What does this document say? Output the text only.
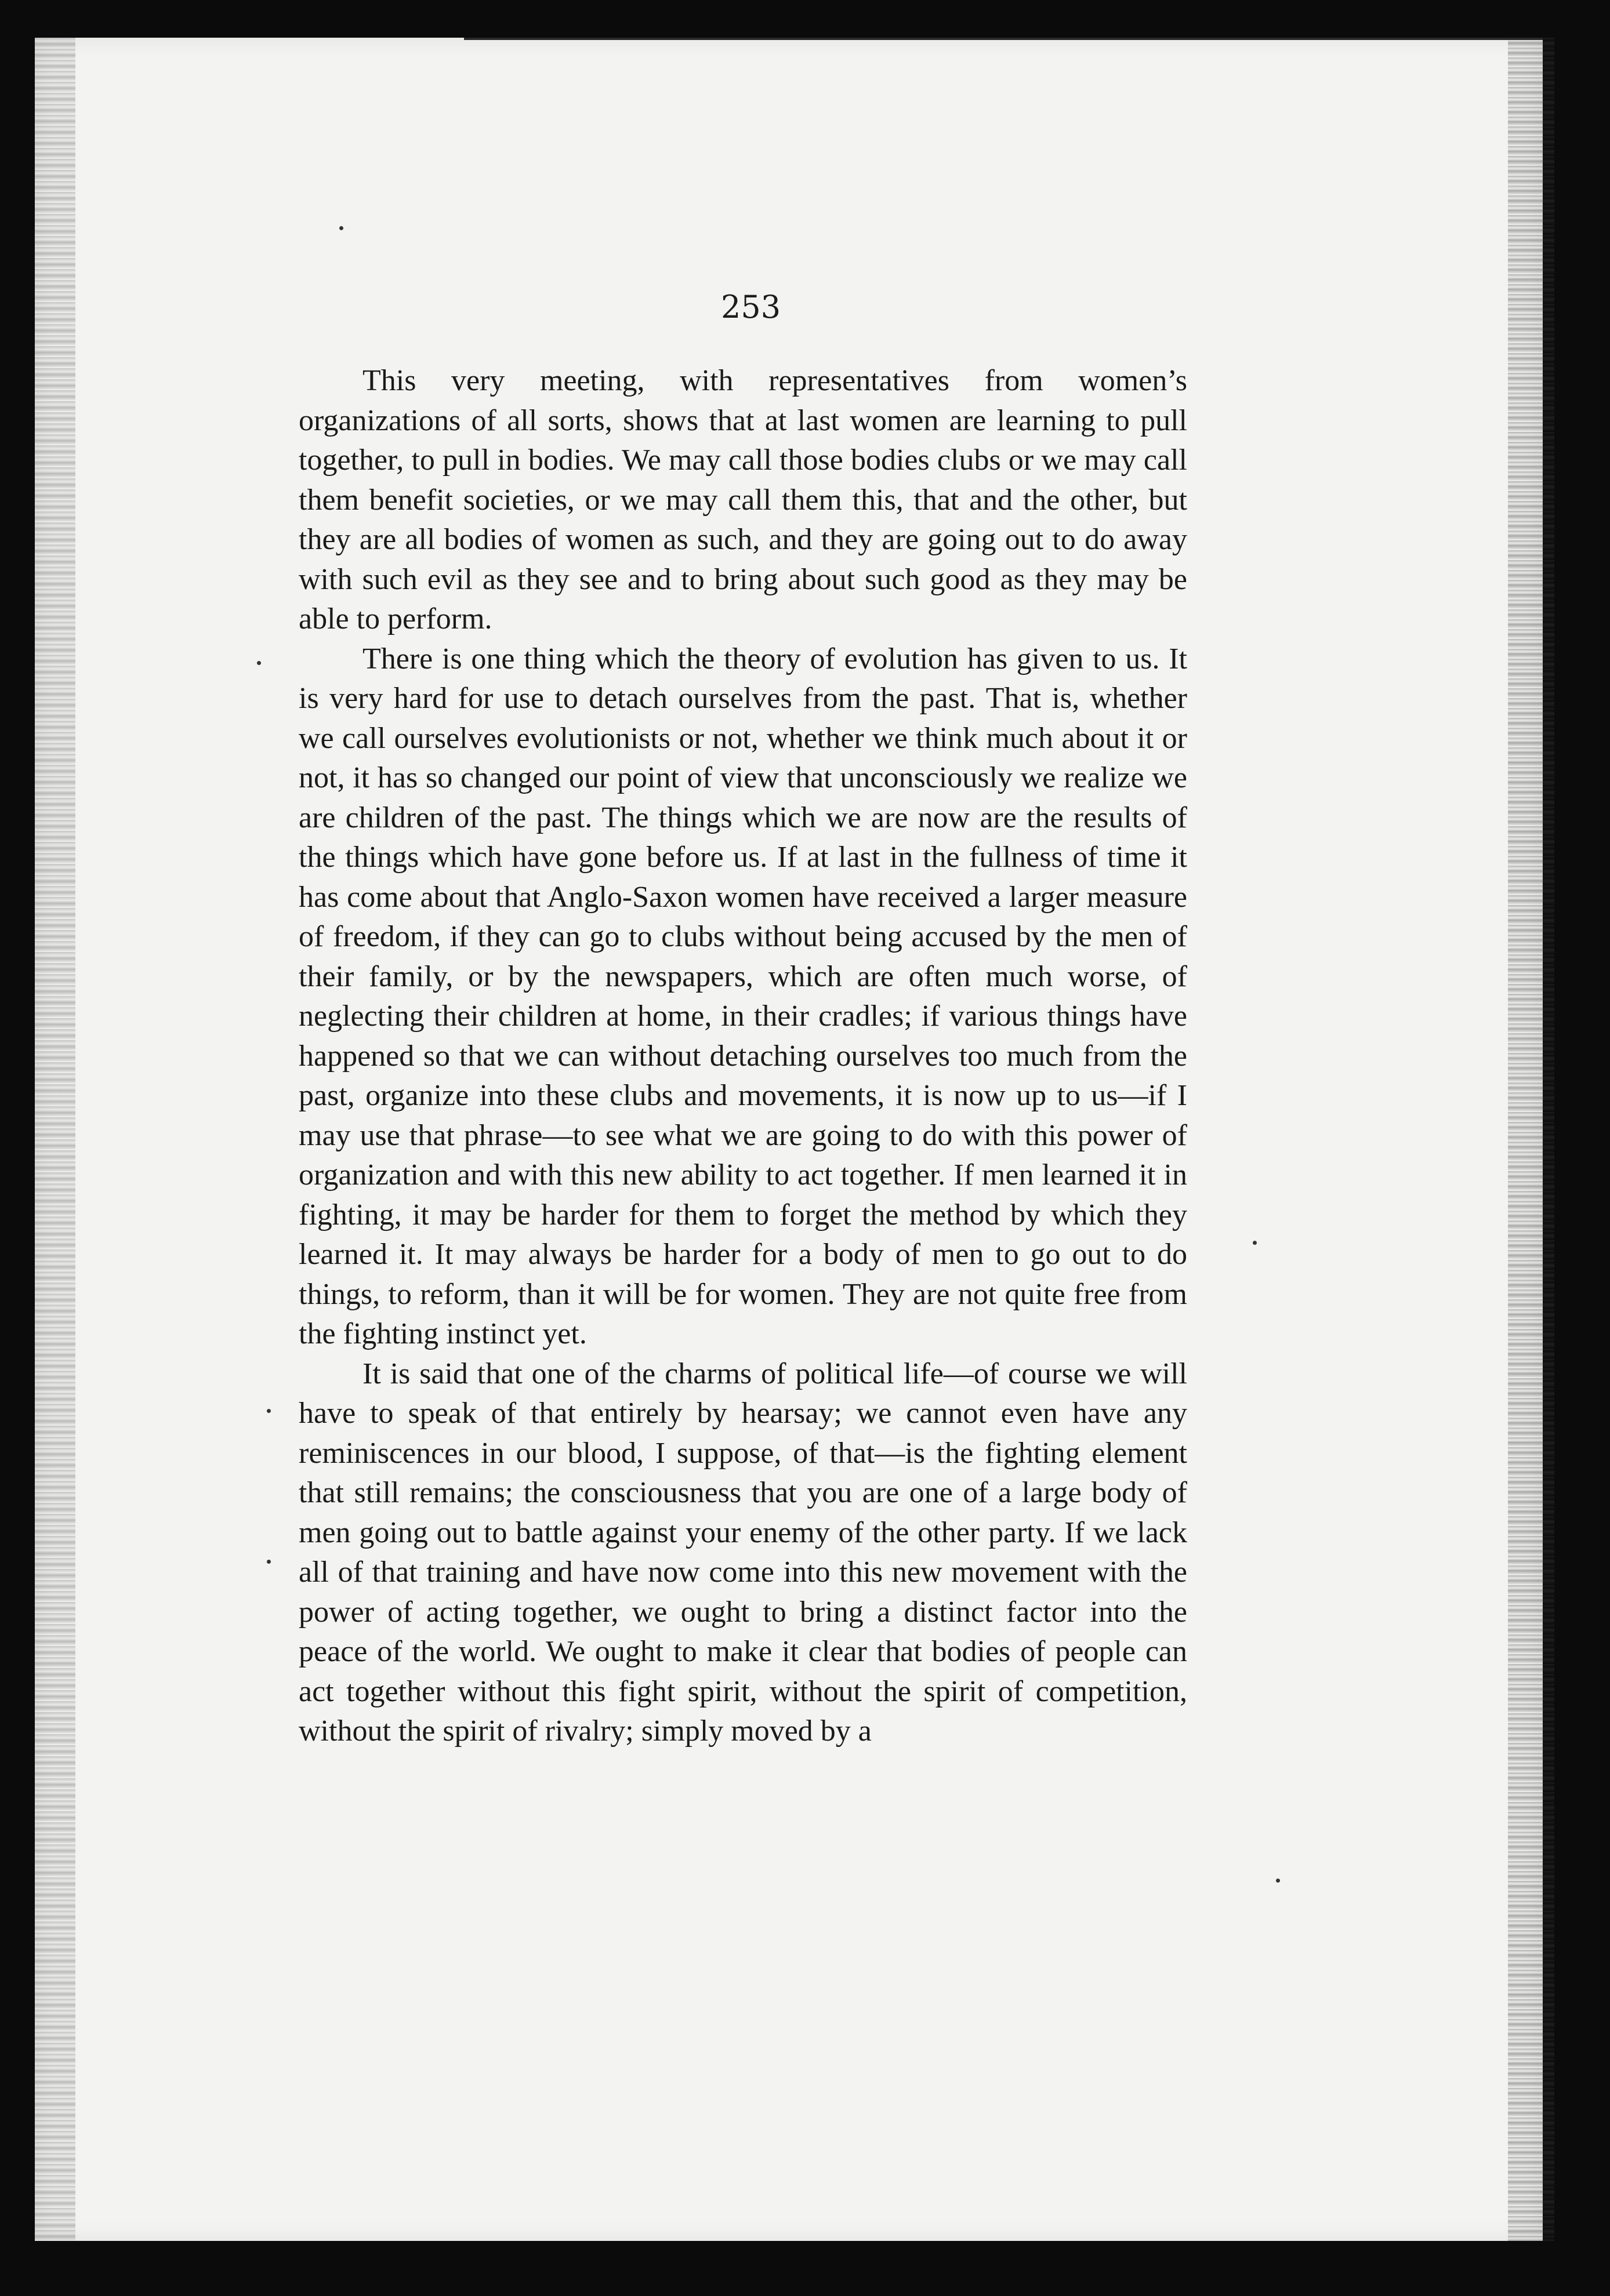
253

This very meeting, with representatives from women’s organizations of all sorts, shows that at last women are learning to pull together, to pull in bodies. We may call those bodies clubs or we may call them benefit societies, or we may call them this, that and the other, but they are all bodies of women as such, and they are going out to do away with such evil as they see and to bring about such good as they may be able to perform.

There is one thing which the theory of evolution has given to us. It is very hard for use to detach ourselves from the past. That is, whether we call ourselves evolutionists or not, whether we think much about it or not, it has so changed our point of view that unconsciously we realize we are children of the past. The things which we are now are the results of the things which have gone before us. If at last in the fullness of time it has come about that Anglo-Saxon women have received a larger measure of freedom, if they can go to clubs without being accused by the men of their family, or by the newspapers, which are often much worse, of neglecting their children at home, in their cradles; if various things have happened so that we can without detaching ourselves too much from the past, organize into these clubs and movements, it is now up to us—if I may use that phrase—to see what we are going to do with this power of organization and with this new ability to act together. If men learned it in fighting, it may be harder for them to forget the method by which they learned it. It may always be harder for a body of men to go out to do things, to reform, than it will be for women. They are not quite free from the fighting instinct yet.

It is said that one of the charms of political life—of course we will have to speak of that entirely by hearsay; we cannot even have any reminiscences in our blood, I suppose, of that—is the fighting element that still remains; the consciousness that you are one of a large body of men going out to battle against your enemy of the other party. If we lack all of that training and have now come into this new movement with the power of acting together, we ought to bring a distinct factor into the peace of the world. We ought to make it clear that bodies of people can act together without this fight spirit, without the spirit of competition, without the spirit of rivalry; simply moved by a
